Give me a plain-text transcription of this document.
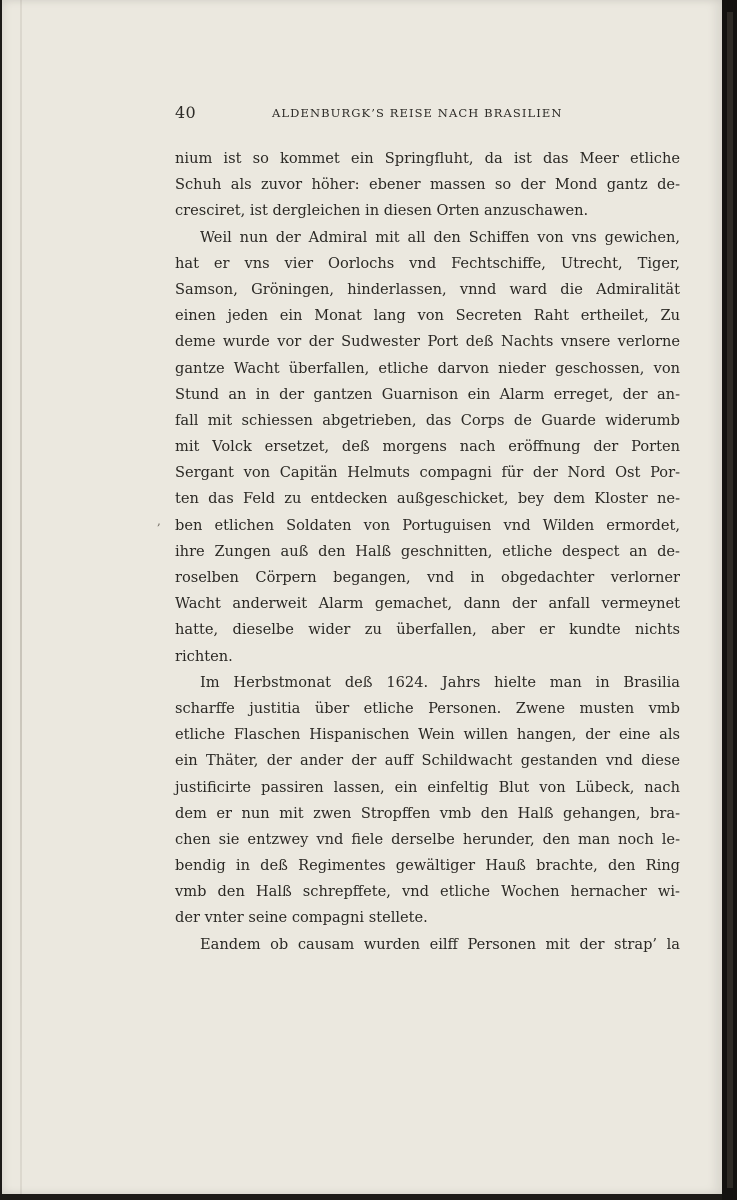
40	ALDENBURGK’S REISE NACH BRASILIEN
,
nium ist so kommet ein Springfluht, da ist das Meer etliche
Schuh als zuvor höher: ebener massen so der Mond gantz de-
cresciret, ist dergleichen in diesen Orten anzuschawen.
Weil nun der Admiral mit all den Schiffen von vns gewichen,
hat er vns vier Oorlochs vnd Fechtschiffe, Utrecht, Tiger,
Samson, Gröningen, hinderlassen, vnnd ward die Admiralität
einen jeden ein Monat lang von Secreten Raht ertheilet, Zu
deme wurde vor der Sudwester Port deß Nachts vnsere verlorne
gantze Wacht überfallen, etliche darvon nieder geschossen, von
Stund an in der gantzen Guarnison ein Alarm erreget, der an-
fall mit schiessen abgetrieben, das Corps de Guarde widerumb
mit Volck ersetzet, deß morgens nach eröffnung der Porten
Sergant von Capitän Helmuts compagni für der Nord Ost Por-
ten das Feld zu entdecken außgeschicket, bey dem Kloster ne-
ben etlichen Soldaten von Portuguisen vnd Wilden ermordet,
ihre Zungen auß den Halß geschnitten, etliche despect an de-
roselben Cörpern begangen, vnd in obgedachter verlorner
Wacht anderweit Alarm gemachet, dann der anfall vermeynet
hatte, dieselbe wider zu überfallen, aber er kundte nichts
richten.
Im Herbstmonat deß 1624. Jahrs hielte man in Brasilia
scharffe justitia über etliche Personen. Zwene musten vmb
etliche Flaschen Hispanischen Wein willen hangen, der eine als
ein Thäter, der ander der auff Schildwacht gestanden vnd diese
justificirte passiren lassen, ein einfeltig Blut von Lübeck, nach
dem er nun mit zwen Stropffen vmb den Halß gehangen, bra-
chen sie entzwey vnd fiele derselbe herunder, den man noch le-
bendig in deß Regimentes gewältiger Hauß brachte, den Ring
vmb den Halß schrepffete, vnd etliche Wochen hernacher wi-
der vnter seine compagni stellete.
Eandem ob causam wurden eilff Personen mit der strap’ la
